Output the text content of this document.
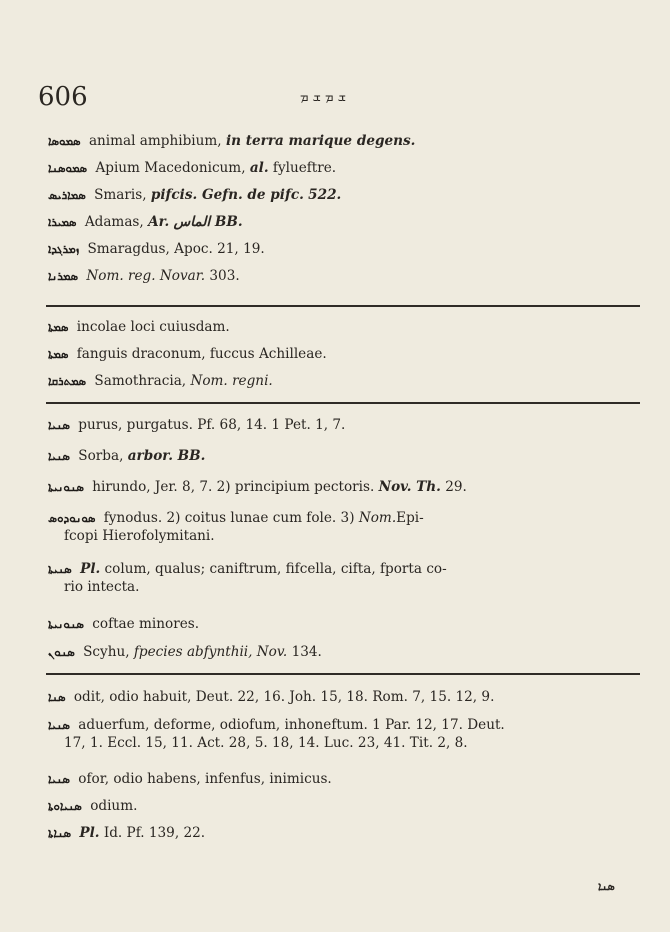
606	ܫ ܡ ܫ ܡ
ܣܡܘܣܐ animal amphibium, in terra marique degens.
ܣܡܘܣܢܐ Apium Macedonicum, al. fylueftre.
ܣܡܐܪܝܣ Smaris, pifcis. Gefn. de pifc. 522.
ܣܡܝܪܐ Adamas, Ar. الماس BB.
ܙܡܪܓܕܐ Smaragdus, Apoc. 21, 19.
ܣܡܪܢܐ Nom. reg. Novar. 303.
ܣܡܬܐ incolae loci cuiusdam.
ܣܡܬܐ fanguis draconum, fuccus Achilleae.
ܣܡܬܪܩܐ Samothracia, Nom. regni.
ܣܢܝܐ purus, purgatus. Pf. 68, 14. 1 Pet. 1, 7.
ܣܢܝܐ Sorba, arbor. BB.
ܣܢܘܢܝܬܐ hirundo, Jer. 8, 7. 2) principium pectoris. Nov. Th. 29.
ܣܘܢܘܕܘܣ fynodus. 2) coitus lunae cum fole. 3) Nom.Epi-
fcopi Hierofolymitani.
ܣܢܝܬܐ Pl. colum, qualus; caniftrum, fifcella, cifta, fporta co-
rio intecta.
ܣܢܘܢܝܬܐ coftae minores.
ܣܢܘܢ Scyhu, fpecies abfynthii, Nov. 134.
ܣܢܐ odit, odio habuit, Deut. 22, 16. Joh. 15, 18. Rom. 7, 15. 12, 9.
ܣܢܝܐ aduerfum, deforme, odiofum, inhoneftum. 1 Par. 12, 17. Deut.
17, 1. Eccl. 15, 11. Act. 28, 5. 18, 14. Luc. 23, 41. Tit. 2, 8.
ܣܢܝܐ ofor, odio habens, infenfus, inimicus.
ܣܢܝܐܘܬܐ odium.
ܣܢܐܬܐ Pl. Id. Pf. 139, 22.
ܣܢܐ
